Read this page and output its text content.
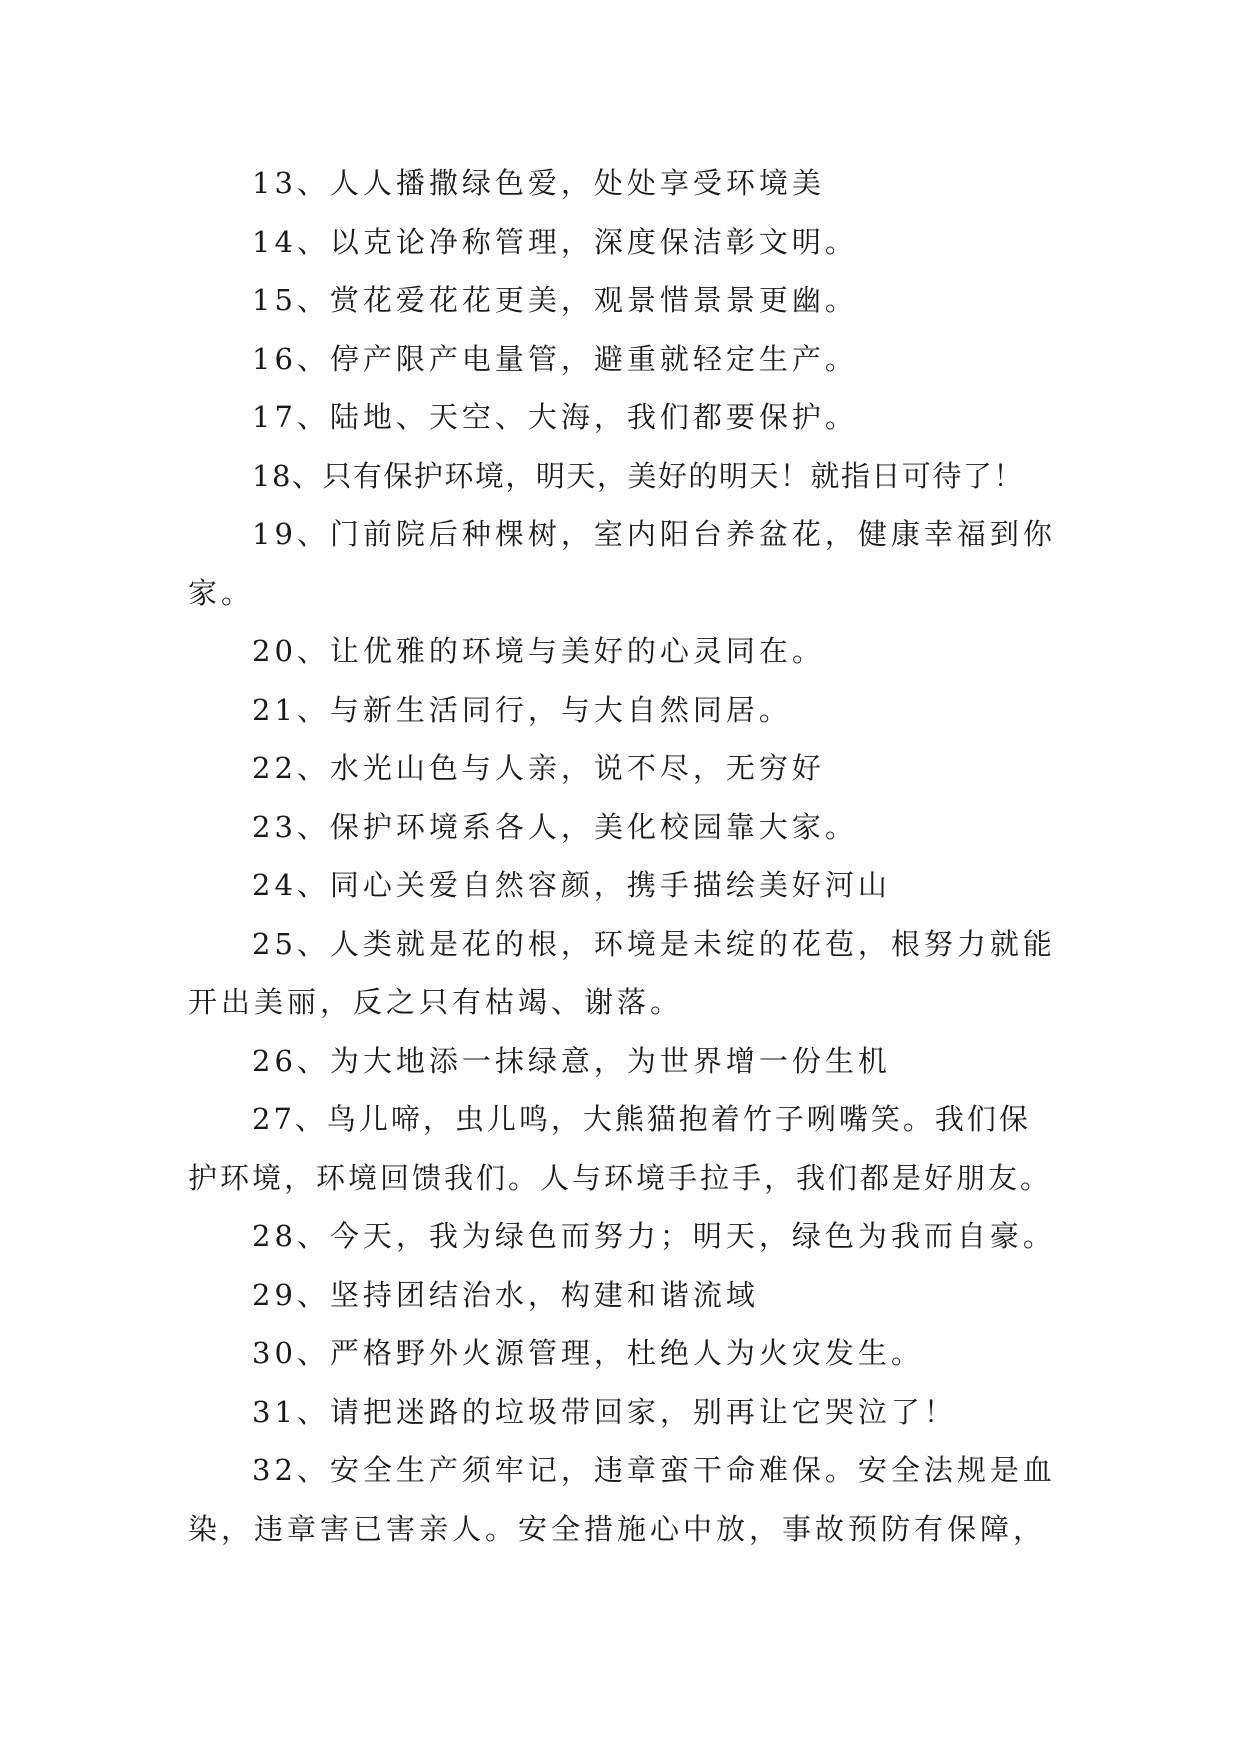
13、人人播撒绿色爱，处处享受环境美

14、以克论净称管理，深度保洁彰文明。

15、赏花爱花花更美，观景惜景景更幽。

16、停产限产电量管，避重就轻定生产。

17、陆地、天空、大海，我们都要保护。

18、只有保护环境，明天，美好的明天！就指日可待了！

19、门前院后种棵树，室内阳台养盆花，健康幸福到你家。

20、让优雅的环境与美好的心灵同在。

21、与新生活同行，与大自然同居。

22、水光山色与人亲，说不尽，无穷好

23、保护环境系各人，美化校园靠大家。

24、同心关爱自然容颜，携手描绘美好河山

25、人类就是花的根，环境是未绽的花苞，根努力就能开出美丽，反之只有枯竭、谢落。

26、为大地添一抹绿意，为世界增一份生机

27、鸟儿啼，虫儿鸣，大熊猫抱着竹子咧嘴笑。我们保护环境，环境回馈我们。人与环境手拉手，我们都是好朋友。

28、今天，我为绿色而努力；明天，绿色为我而自豪。

29、坚持团结治水，构建和谐流域

30、严格野外火源管理，杜绝人为火灾发生。

31、请把迷路的垃圾带回家，别再让它哭泣了！

32、安全生产须牢记，违章蛮干命难保。安全法规是血染，违章害已害亲人。安全措施心中放，事故预防有保障，
